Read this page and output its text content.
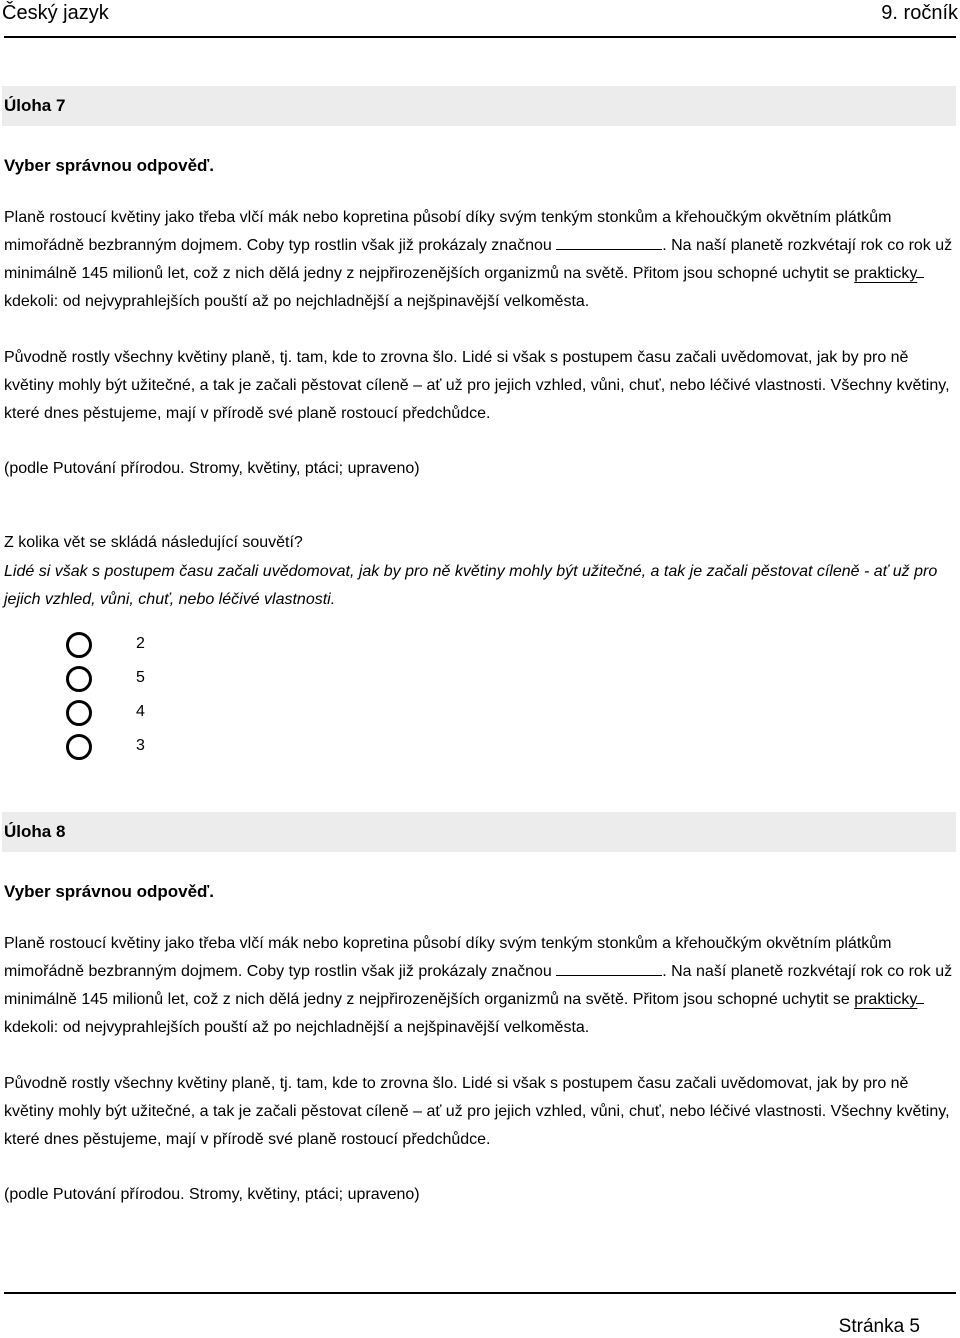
Český jazyk	9. ročník
Úloha 7
Vyber správnou odpověď.

Planě rostoucí květiny jako třeba vlčí mák nebo kopretina působí díky svým tenkým stonkům a křehoučkým okvětním plátkům mimořádně bezbranným dojmem. Coby typ rostlin však již prokázaly značnou	. Na naší planetě rozkvétají rok co rok už minimálně 145 milionů let, což z nich dělá jedny z nejpřirozenějších organizmů na světě. Přitom jsou schopné uchytit se prakticky kdekoli: od nejvyprahlejších pouští až po nejchladnější a nejšpinavější velkoměsta.

Původně rostly všechny květiny planě, tj. tam, kde to zrovna šlo. Lidé si však s postupem času začali uvědomovat, jak by pro ně květiny mohly být užitečné, a tak je začali pěstovat cíleně – ať už pro jejich vzhled, vůni, chuť, nebo léčivé vlastnosti. Všechny květiny, které dnes pěstujeme, mají v přírodě své planě rostoucí předchůdce.

(podle Putování přírodou. Stromy, květiny, ptáci; upraveno)
Z kolika vět se skládá následující souvětí?

Lidé si však s postupem času začali uvědomovat, jak by pro ně květiny mohly být užitečné, a tak je začali pěstovat cíleně - ať už pro jejich vzhled, vůni, chuť, nebo léčivé vlastnosti.

2
5
4
3
Úloha 8
Vyber správnou odpověď.

Planě rostoucí květiny jako třeba vlčí mák nebo kopretina působí díky svým tenkým stonkům a křehoučkým okvětním plátkům mimořádně bezbranným dojmem. Coby typ rostlin však již prokázaly značnou	. Na naší planetě rozkvétají rok co rok už minimálně 145 milionů let, což z nich dělá jedny z nejpřirozenějších organizmů na světě. Přitom jsou schopné uchytit se prakticky kdekoli: od nejvyprahlejších pouští až po nejchladnější a nejšpinavější velkoměsta.

Původně rostly všechny květiny planě, tj. tam, kde to zrovna šlo. Lidé si však s postupem času začali uvědomovat, jak by pro ně květiny mohly být užitečné, a tak je začali pěstovat cíleně – ať už pro jejich vzhled, vůni, chuť, nebo léčivé vlastnosti. Všechny květiny, které dnes pěstujeme, mají v přírodě své planě rostoucí předchůdce.

(podle Putování přírodou. Stromy, květiny, ptáci; upraveno)
Stránka 5
